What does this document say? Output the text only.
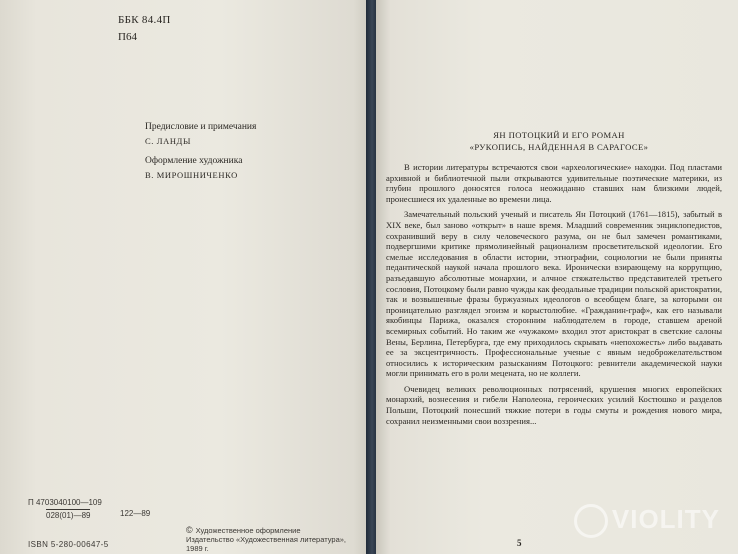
ББК 84.4П
П64
Предисловие и примечания
С. ЛАНДЫ
Оформление художника
В. МИРОШНИЧЕНКО
П 4703040100—109
028(01)—89	122—89
ISBN 5-280-00647-5
© Художественное оформление Издательство «Художественная литература», 1989 г.
ЯН ПОТОЦКИЙ И ЕГО РОМАН
«РУКОПИСЬ, НАЙДЕННАЯ В САРАГОСЕ»

В истории литературы встречаются свои «археологические» находки. Под пластами архивной и библиотечной пыли открываются удивительные поэтические материки, из глубин прошлого доносятся голоса неожиданно ставших нам близкими людей, пронесшиеся их удаленные во времени лица.

Замечательный польский ученый и писатель Ян Потоцкий (1761—1815), забытый в XIX веке, был заново «открыт» в наше время. Младший современник энциклопедистов, сохранивший веру в силу человеческого разума, он не был замечен романтиками, подвергшими критике прямолинейный рационализм просветительской идеологии. Его смелые исследования в области истории, этнографии, социологии не были приняты педантической наукой начала прошлого века. Иронически взирающему на коррупцию, разъедавшую абсолютные монархии, и алчное стяжательство представителей третьего сословия, Потоцкому были равно чужды как феодальные традиции польской аристократии, так и возвышенные фразы буржуазных идеологов о всеобщем благе, за которыми он проницательно разглядел эгоизм и корыстолюбие. «Гражданин-граф», как его называли якобинцы Парижа, оказался сторонним наблюдателем в городе, ставшем ареной всемирных событий. Но таким же «чужаком» входил этот аристократ в светские салоны Вены, Берлина, Петербурга, где ему приходилось скрывать «непохожесть» либо выдавать ее за эксцентричность. Профессиональные ученые с явным недоброжелательством относились к историческим разысканиям Потоцкого: ревнители академической науки могли принимать его в роли мецената, но не коллеги.

Очевидец великих революционных потрясений, крушения многих европейских монархий, вознесения и гибели Наполеона, героических усилий Костюшко и разделов Польши, Потоцкий понесший тяжкие потери в годы смуты и рождения нового мира, сохранил неизменными свои воззрения...

5
VIOLITY
